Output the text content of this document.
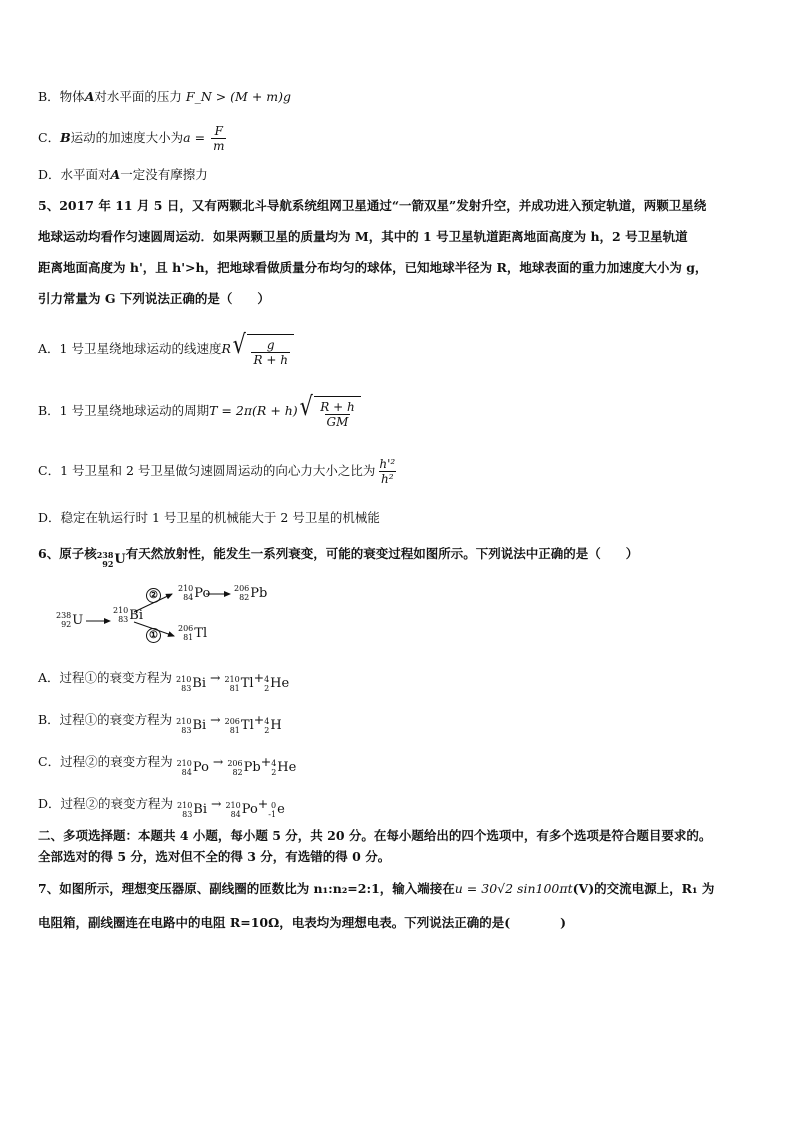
B．物体A对水平面的压力 F_N > (M + m)g
C．B运动的加速度大小为$a = \frac{F}{m}$
D．水平面对A一定没有摩擦力
5、2017 年 11 月 5 日，又有两颗北斗导航系统组网卫星通过“一箭双星”发射升空，并成功进入预定轨道，两颗卫星绕
地球运动均看作匀速圆周运动．如果两颗卫星的质量均为 M，其中的 1 号卫星轨道距离地面高度为 h，2 号卫星轨道
距离地面高度为 h'，且 h'>h，把地球看做质量分布均匀的球体，已知地球半径为 R，地球表面的重力加速度大小为 g，
引力常量为 G 下列说法正确的是（　　）
A．1 号卫星绕地球运动的线速度R √ $\frac{g}{R + h}$
B．1 号卫星绕地球运动的周期T = 2π(R + h) √ $\frac{R + h}{GM}$
C．1 号卫星和 2 号卫星做匀速圆周运动的向心力大小之比为 $\frac{\text{h'²}}{\text{h²}}$
D．稳定在轨运行时 1 号卫星的机械能大于 2 号卫星的机械能
6、原子核 238
92 U 有天然放射性，能发生一系列衰变，可能的衰变过程如图所示。下列说法中正确的是（　　）
238
92 U
210
83 Bi
210
84 Po	206
82 Pb
206
81 Tl
②
①
A．过程①的衰变方程为 210
83 Bi → 210
81 Tl + 4
2 He
B．过程①的衰变方程为 210
83 Bi → 206
81 Tl + 4
2 H
C．过程②的衰变方程为 210
84 Po → 206
82 Pb + 4
2 He
D．过程②的衰变方程为 210
83 Bi → 210
84 Po + 0
-1 e
二、多项选择题：本题共 4 小题，每小题 5 分，共 20 分。在每小题给出的四个选项中，有多个选项是符合题目要求的。
全部选对的得 5 分，选对但不全的得 3 分，有选错的得 0 分。
7、如图所示，理想变压器原、副线圈的匝数比为 n₁:n₂=2:1，输入端接在u = 30√2 sin100πt(V)的交流电源上，R₁ 为
电阻箱，副线圈连在电路中的电阻 R=10Ω，电表均为理想电表。下列说法正确的是(　　　　)
